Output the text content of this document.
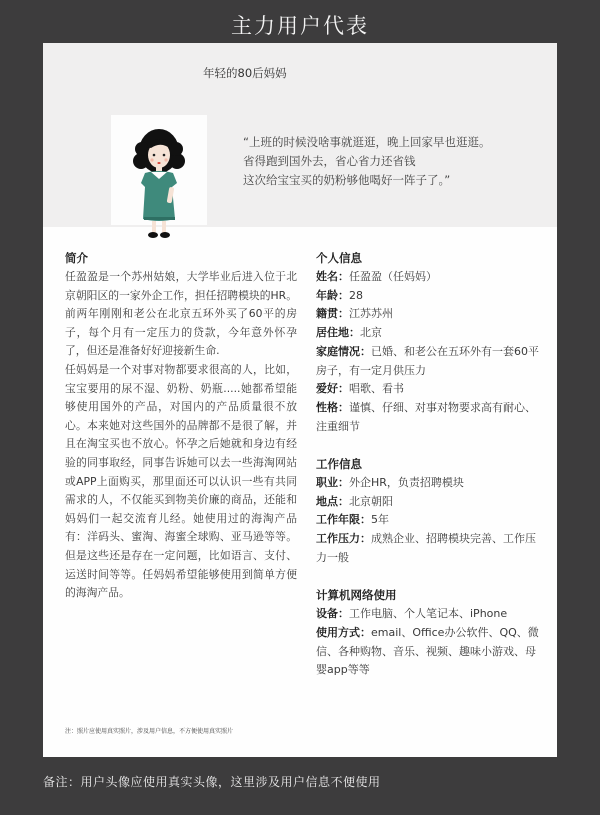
主力用户代表
年轻的80后妈妈
“上班的时候没啥事就逛逛，晚上回家早也逛逛。
省得跑到国外去，省心省力还省钱
这次给宝宝买的奶粉够他喝好一阵子了。”
简介
任盈盈是一个苏州姑娘，大学毕业后进入位于北京朝阳区的一家外企工作，担任招聘模块的HR。前两年刚刚和老公在北京五环外买了60平的房子，每个月有一定压力的贷款，今年意外怀孕了，但还是准备好好迎接新生命.
任妈妈是一个对事对物都要求很高的人，比如，宝宝要用的尿不湿、奶粉、奶瓶.....她都希望能够使用国外的产品，对国内的产品质量很不放心。本来她对这些国外的品牌都不是很了解，并且在淘宝买也不放心。怀孕之后她就和身边有经验的同事取经，同事告诉她可以去一些海淘网站或APP上面购买，那里面还可以认识一些有共同需求的人，不仅能买到物美价廉的商品，还能和妈妈们一起交流育儿经。她使用过的海淘产品有：洋码头、蜜淘、海蜜全球购、亚马逊等等。但是这些还是存在一定问题，比如语言、支付、运送时间等等。任妈妈希望能够使用到简单方便的海淘产品。
个人信息
姓名：任盈盈（任妈妈）
年龄：28
籍贯：江苏苏州
居住地：北京
家庭情况：已婚、和老公在五环外有一套60平房子，有一定月供压力
爱好：唱歌、看书
性格：谨慎、仔细、对事对物要求高有耐心、注重细节
工作信息
职业：外企HR，负责招聘模块
地点：北京朝阳
工作年限：5年
工作压力：成熟企业、招聘模块完善、工作压力一般
计算机网络使用
设备：工作电脑、个人笔记本、iPhone
使用方式：email、Office办公软件、QQ、微信、各种购物、音乐、视频、趣味小游戏、母婴app等等
注：照片应使用真实照片，涉及用户信息，不方便使用真实照片
备注：用户头像应使用真实头像，这里涉及用户信息不便使用
